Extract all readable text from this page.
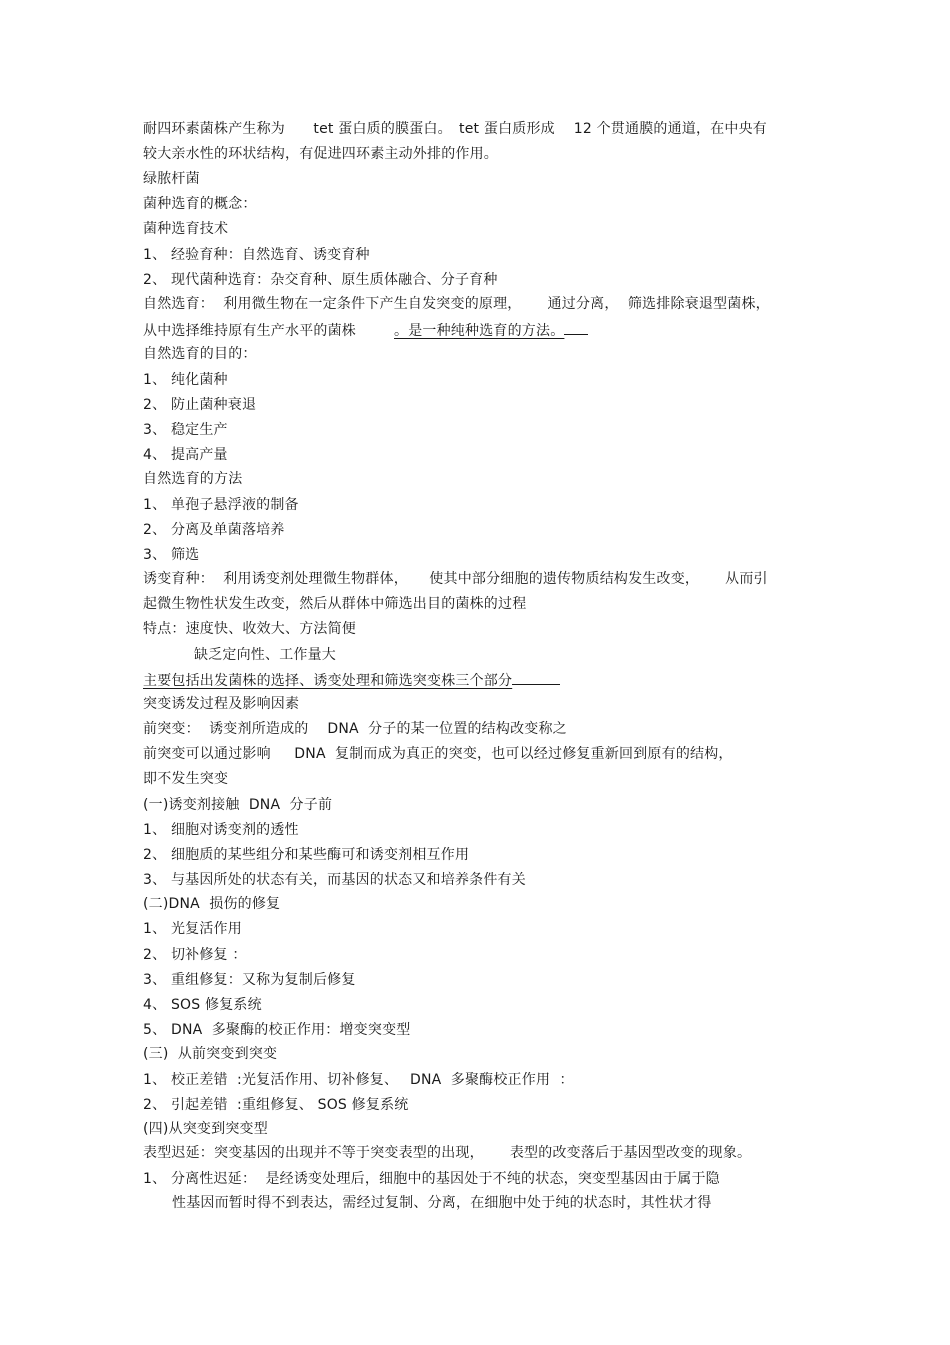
耐四环素菌株产生称为　　tet 蛋白质的膜蛋白。　tet 蛋白质形成　 12 个贯通膜的通道，在中央有
较大亲水性的环状结构，有促进四环素主动外排的作用。
绿脓杆菌
菌种选育的概念：
菌种选育技术
1、 经验育种：自然选育、诱变育种
2、 现代菌种选育：杂交育种、原生质体融合、分子育种
自然选育：  利用微生物在一定条件下产生自发突变的原理，　　 通过分离，  筛选排除衰退型菌株，
从中选择维持原有生产水平的菌株	。是一种纯种选育的方法。
自然选育的目的：
1、 纯化菌种
2、 防止菌种衰退
3、 稳定生产
4、 提高产量
自然选育的方法
1、 单孢子悬浮液的制备
2、 分离及单菌落培养
3、 筛选
诱变育种：  利用诱变剂处理微生物群体，　　使其中部分细胞的遗传物质结构发生改变，　　 从而引
起微生物性状发生改变，然后从群体中筛选出目的菌株的过程
特点：速度快、收效大、方法简便
缺乏定向性、工作量大
主要包括出发菌株的选择、诱变处理和筛选突变株三个部分
突变诱发过程及影响因素
前突变：  诱变剂所造成的　 DNA  分子的某一位置的结构改变称之
前突变可以通过影响　  DNA  复制而成为真正的突变，也可以经过修复重新回到原有的结构，
即不发生突变
(一)诱变剂接触  DNA  分子前
1、 细胞对诱变剂的透性
2、 细胞质的某些组分和某些酶可和诱变剂相互作用
3、 与基因所处的状态有关，而基因的状态又和培养条件有关
(二)DNA  损伤的修复
1、 光复活作用
2、 切补修复 ：
3、 重组修复：又称为复制后修复
4、 SOS 修复系统
5、 DNA  多聚酶的校正作用：增变突变型
(三)  从前突变到突变
1、 校正差错  :光复活作用、切补修复、　 DNA  多聚酶校正作用  ：
2、 引起差错  :重组修复、 SOS 修复系统
(四)从突变到突变型
表型迟延：突变基因的出现并不等于突变表型的出现，　　 表型的改变落后于基因型改变的现象。
1、 分离性迟延：  是经诱变处理后，细胞中的基因处于不纯的状态，突变型基因由于属于隐
性基因而暂时得不到表达，需经过复制、分离，在细胞中处于纯的状态时，其性状才得
